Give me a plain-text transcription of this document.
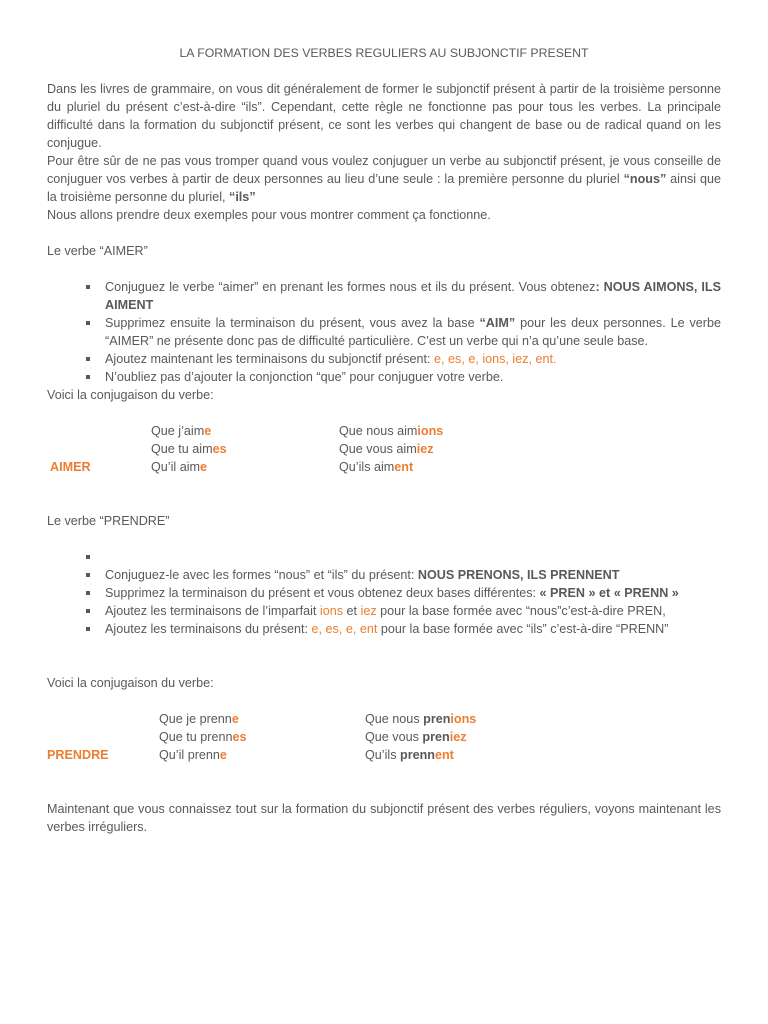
LA FORMATION DES VERBES REGULIERS AU SUBJONCTIF PRESENT

Dans les livres de grammaire, on vous dit généralement de former le subjonctif présent à partir de la troisième personne du pluriel du présent c’est-à-dire “ils”. Cependant, cette règle ne fonctionne pas pour tous les verbes. La principale difficulté dans la formation du subjonctif présent, ce sont les verbes qui changent de base ou de radical quand on les conjugue.

Pour être sûr de ne pas vous tromper quand vous voulez conjuguer un verbe au subjonctif présent, je vous conseille de conjuguer vos verbes à partir de deux personnes au lieu d’une seule : la première personne du pluriel “nous” ainsi que la troisième personne du pluriel, “ils”

Nous allons prendre deux exemples pour vous montrer comment ça fonctionne.

Le verbe “AIMER”

Conjuguez le verbe “aimer” en prenant les formes nous et ils du présent. Vous obtenez: NOUS AIMONS, ILS AIMENT
Supprimez ensuite la terminaison du présent, vous avez la base “AIM” pour les deux personnes. Le verbe “AIMER” ne présente donc pas de difficulté particulière. C’est un verbe qui n’a qu’une seule base.
Ajoutez maintenant les terminaisons du subjonctif présent: e, es, e, ions, iez, ent.
N’oubliez pas d’ajouter la conjonction “que” pour conjuguer votre verbe.

Voici la conjugaison du verbe:

Que j’aime	Que nous aimions
Que tu aimes	Que vous aimiez
AIMER	Qu’il aime	Qu’ils aiment

Le verbe “PRENDRE”

Conjuguez-le avec les formes “nous” et “ils” du présent: NOUS PRENONS, ILS PRENNENT
Supprimez la terminaison du présent et vous obtenez deux bases différentes: « PREN » et « PRENN »
Ajoutez les terminaisons de l’imparfait ions et iez pour la base formée avec “nous”c’est-à-dire PREN,
Ajoutez les terminaisons du présent: e, es, e, ent pour la base formée avec “ils” c’est-à-dire “PRENN”

Voici la conjugaison du verbe:

Que je prenne	Que nous prenions
Que tu prennes	Que vous preniez
PRENDRE	Qu’il prenne	Qu’ils prennent

Maintenant que vous connaissez tout sur la formation du subjonctif présent des verbes réguliers, voyons maintenant les verbes irréguliers.
